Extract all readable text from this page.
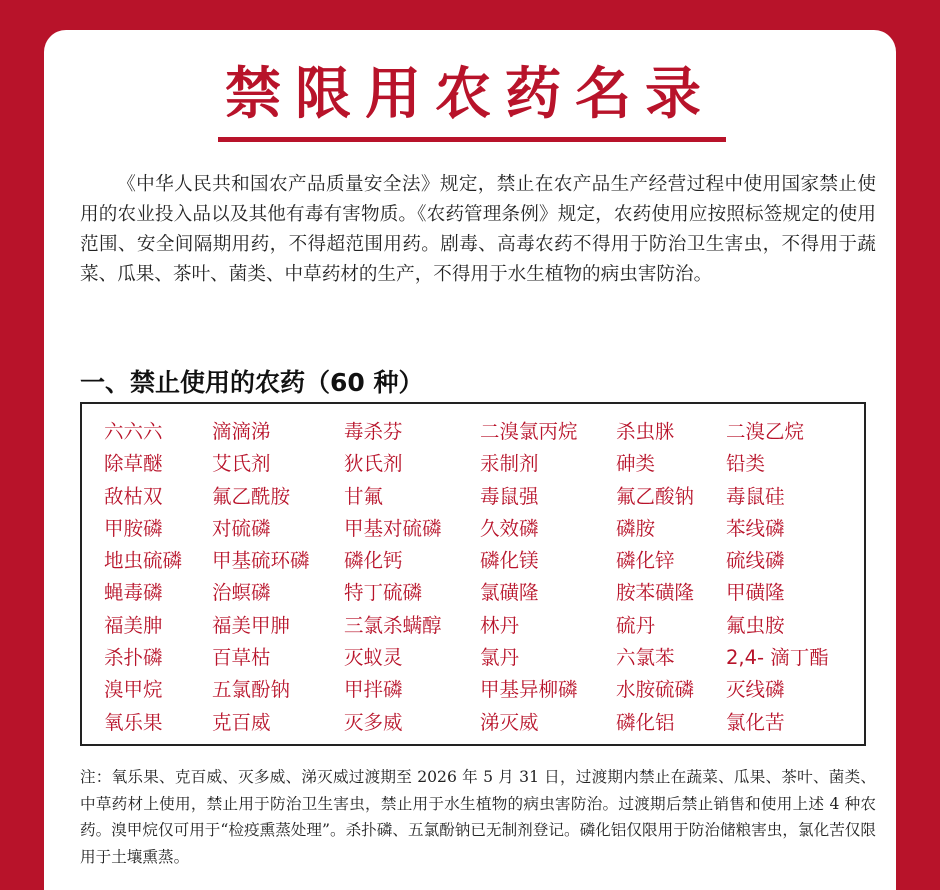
禁限用农药名录

《中华人民共和国农产品质量安全法》规定，禁止在农产品生产经营过程中使用国家禁止使用的农业投入品以及其他有毒有害物质。《农药管理条例》规定，农药使用应按照标签规定的使用范围、安全间隔期用药，不得超范围用药。剧毒、高毒农药不得用于防治卫生害虫，不得用于蔬菜、瓜果、茶叶、菌类、中草药材的生产，不得用于水生植物的病虫害防治。

一、禁止使用的农药（60 种）
六六六	滴滴涕	毒杀芬	二溴氯丙烷	杀虫脒	二溴乙烷
除草醚	艾氏剂	狄氏剂	汞制剂	砷类	铅类
敌枯双	氟乙酰胺	甘氟	毒鼠强	氟乙酸钠	毒鼠硅
甲胺磷	对硫磷	甲基对硫磷	久效磷	磷胺	苯线磷
地虫硫磷	甲基硫环磷	磷化钙	磷化镁	磷化锌	硫线磷
蝇毒磷	治螟磷	特丁硫磷	氯磺隆	胺苯磺隆	甲磺隆
福美胂	福美甲胂	三氯杀螨醇	林丹	硫丹	氟虫胺
杀扑磷	百草枯	灭蚁灵	氯丹	六氯苯	2,4- 滴丁酯
溴甲烷	五氯酚钠	甲拌磷	甲基异柳磷	水胺硫磷	灭线磷
氧乐果	克百威	灭多威	涕灭威	磷化铝	氯化苦

注：氧乐果、克百威、灭多威、涕灭威过渡期至 2026 年 5 月 31 日，过渡期内禁止在蔬菜、瓜果、茶叶、菌类、中草药材上使用，禁止用于防治卫生害虫，禁止用于水生植物的病虫害防治。过渡期后禁止销售和使用上述 4 种农药。溴甲烷仅可用于“检疫熏蒸处理”。杀扑磷、五氯酚钠已无制剂登记。磷化铝仅限用于防治储粮害虫，氯化苦仅限用于土壤熏蒸。
